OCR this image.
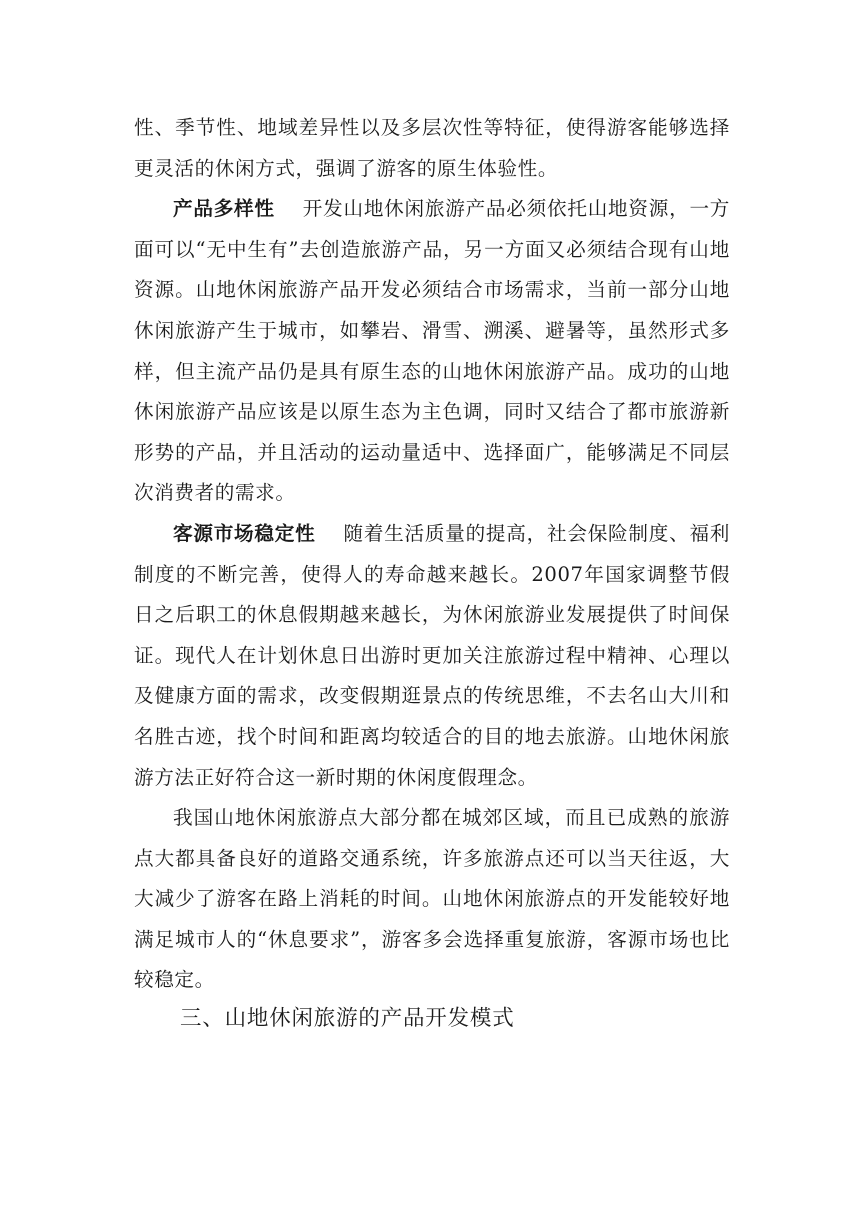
性、季节性、地域差异性以及多层次性等特征，使得游客能够选择更灵活的休闲方式，强调了游客的原生体验性。

产品多样性 开发山地休闲旅游产品必须依托山地资源，一方面可以“无中生有”去创造旅游产品，另一方面又必须结合现有山地资源。山地休闲旅游产品开发必须结合市场需求，当前一部分山地休闲旅游产生于城市，如攀岩、滑雪、溯溪、避暑等，虽然形式多样，但主流产品仍是具有原生态的山地休闲旅游产品。成功的山地休闲旅游产品应该是以原生态为主色调，同时又结合了都市旅游新形势的产品，并且活动的运动量适中、选择面广，能够满足不同层次消费者的需求。

客源市场稳定性 随着生活质量的提高，社会保险制度、福利制度的不断完善，使得人的寿命越来越长。2007年国家调整节假日之后职工的休息假期越来越长，为休闲旅游业发展提供了时间保证。现代人在计划休息日出游时更加关注旅游过程中精神、心理以及健康方面的需求，改变假期逛景点的传统思维，不去名山大川和名胜古迹，找个时间和距离均较适合的目的地去旅游。山地休闲旅游方法正好符合这一新时期的休闲度假理念。

我国山地休闲旅游点大部分都在城郊区域，而且已成熟的旅游点大都具备良好的道路交通系统，许多旅游点还可以当天往返，大大减少了游客在路上消耗的时间。山地休闲旅游点的开发能较好地满足城市人的“休息要求”，游客多会选择重复旅游，客源市场也比较稳定。

三、山地休闲旅游的产品开发模式
